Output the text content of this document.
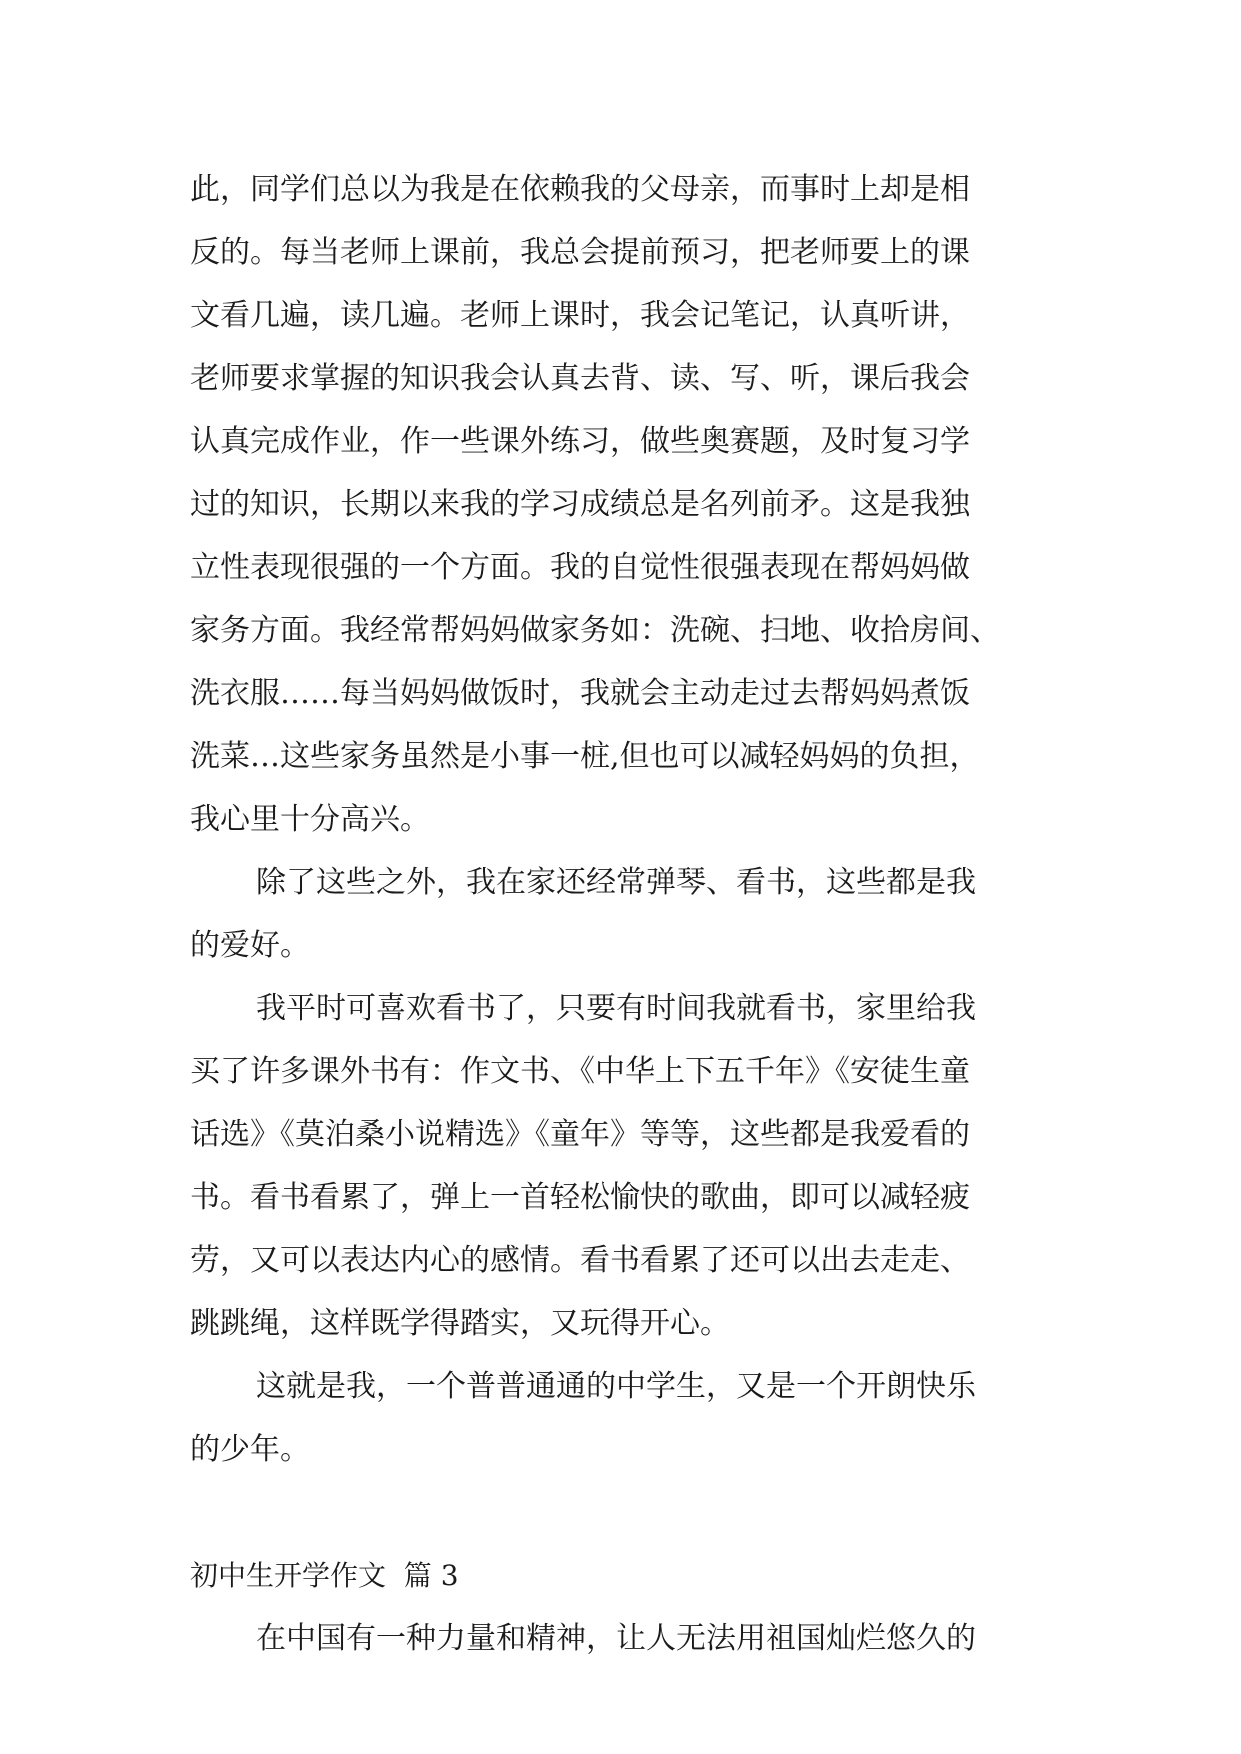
此，同学们总以为我是在依赖我的父母亲，而事时上却是相
反的。每当老师上课前，我总会提前预习，把老师要上的课
文看几遍，读几遍。老师上课时，我会记笔记，认真听讲，
老师要求掌握的知识我会认真去背、读、写、听，课后我会
认真完成作业，作一些课外练习，做些奥赛题，及时复习学
过的知识，长期以来我的学习成绩总是名列前矛。这是我独
立性表现很强的一个方面。我的自觉性很强表现在帮妈妈做
家务方面。我经常帮妈妈做家务如：洗碗、扫地、收拾房间、
洗衣服……每当妈妈做饭时，我就会主动走过去帮妈妈煮饭
洗菜…这些家务虽然是小事一桩,但也可以减轻妈妈的负担，
我心里十分高兴。
除了这些之外，我在家还经常弹琴、看书，这些都是我
的爱好。
我平时可喜欢看书了，只要有时间我就看书，家里给我
买了许多课外书有：作文书、《中华上下五千年》《安徒生童
话选》《莫泊桑小说精选》《童年》等等，这些都是我爱看的
书。看书看累了，弹上一首轻松愉快的歌曲，即可以减轻疲
劳，又可以表达内心的感情。看书看累了还可以出去走走、
跳跳绳，这样既学得踏实，又玩得开心。
这就是我，一个普普通通的中学生，又是一个开朗快乐
的少年。
初中生开学作文  篇 3
在中国有一种力量和精神，让人无法用祖国灿烂悠久的
